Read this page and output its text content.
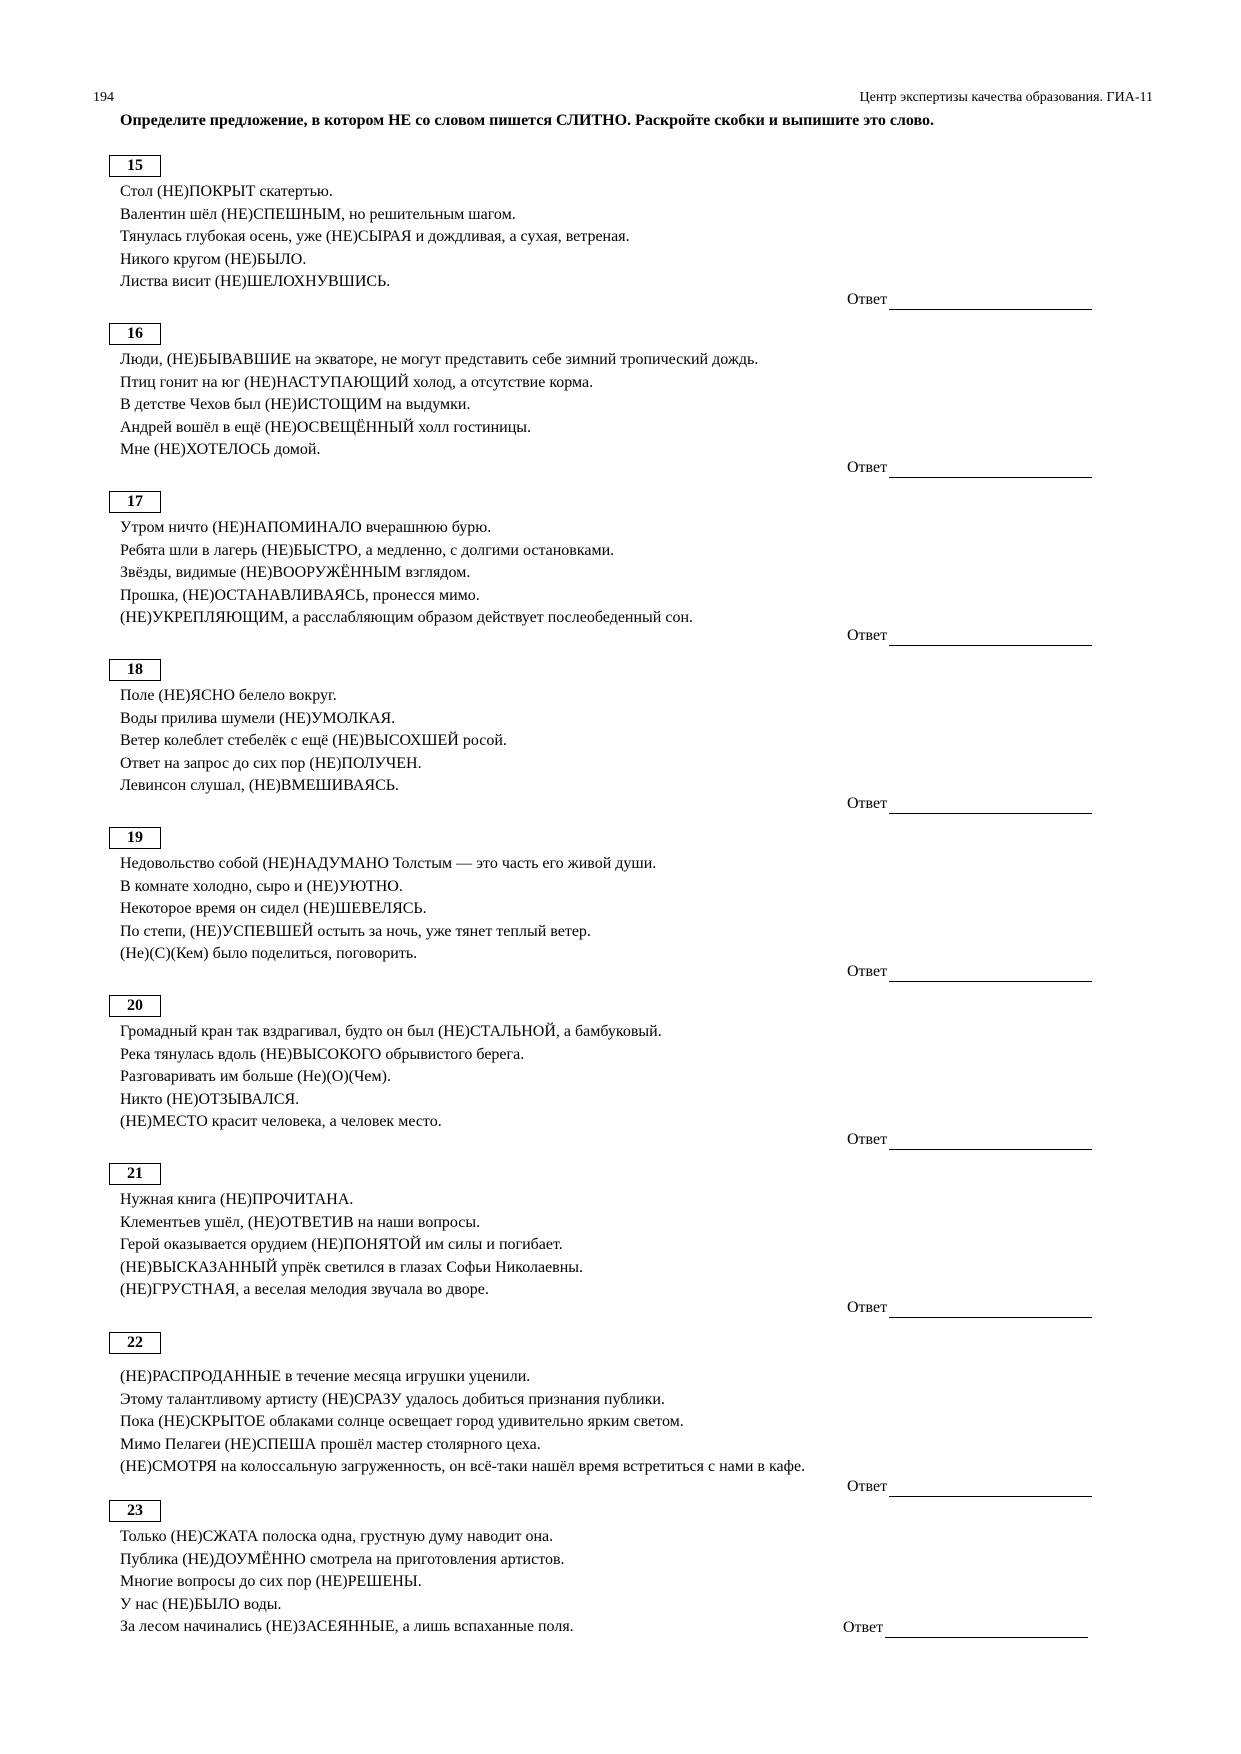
194	Центр экспертизы качества образования. ГИА-11
Определите предложение, в котором НЕ со словом пишется СЛИТНО. Раскройте скобки и выпишите это слово.
15
Стол (НЕ)ПОКРЫТ скатертью.
Валентин шёл (НЕ)СПЕШНЫМ, но решительным шагом.
Тянулась глубокая осень, уже (НЕ)СЫРАЯ и дождливая, а сухая, ветреная.
Никого кругом (НЕ)БЫЛО.
Листва висит (НЕ)ШЕЛОХНУВШИСЬ.
Ответ
16
Люди, (НЕ)БЫВАВШИЕ на экваторе, не могут представить себе зимний тропический дождь.
Птиц гонит на юг (НЕ)НАСТУПАЮЩИЙ холод, а отсутствие корма.
В детстве Чехов был (НЕ)ИСТОЩИМ на выдумки.
Андрей вошёл в ещё (НЕ)ОСВЕЩЁННЫЙ холл гостиницы.
Мне (НЕ)ХОТЕЛОСЬ домой.
Ответ
17
Утром ничто (НЕ)НАПОМИНАЛО вчерашнюю бурю.
Ребята шли в лагерь (НЕ)БЫСТРО, а медленно, с долгими остановками.
Звёзды, видимые (НЕ)ВООРУЖЁННЫМ взглядом.
Прошка, (НЕ)ОСТАНАВЛИВАЯСЬ, пронесся мимо.
(НЕ)УКРЕПЛЯЮЩИМ, а расслабляющим образом действует послеобеденный сон.
Ответ
18
Поле (НЕ)ЯСНО белело вокруг.
Воды прилива шумели (НЕ)УМОЛКАЯ.
Ветер колеблет стебелёк с ещё (НЕ)ВЫСОХШЕЙ росой.
Ответ на запрос до сих пор (НЕ)ПОЛУЧЕН.
Левинсон слушал, (НЕ)ВМЕШИВАЯСЬ.
Ответ
19
Недовольство собой (НЕ)НАДУМАНО Толстым — это часть его живой души.
В комнате холодно, сыро и (НЕ)УЮТНО.
Некоторое время он сидел (НЕ)ШЕВЕЛЯСЬ.
По степи, (НЕ)УСПЕВШЕЙ остыть за ночь, уже тянет теплый ветер.
(Не)(С)(Кем) было поделиться, поговорить.
Ответ
20
Громадный кран так вздрагивал, будто он был (НЕ)СТАЛЬНОЙ, а бамбуковый.
Река тянулась вдоль (НЕ)ВЫСОКОГО обрывистого берега.
Разговаривать им больше (Не)(О)(Чем).
Никто (НЕ)ОТЗЫВАЛСЯ.
(НЕ)МЕСТО красит человека, а человек место.
Ответ
21
Нужная книга (НЕ)ПРОЧИТАНА.
Клементьев ушёл, (НЕ)ОТВЕТИВ на наши вопросы.
Герой оказывается орудием (НЕ)ПОНЯТОЙ им силы и погибает.
(НЕ)ВЫСКАЗАННЫЙ упрёк светился в глазах Софьи Николаевны.
(НЕ)ГРУСТНАЯ, а веселая мелодия звучала во дворе.
Ответ
22
(НЕ)РАСПРОДАННЫЕ в течение месяца игрушки уценили.
Этому талантливому артисту (НЕ)СРАЗУ удалось добиться признания публики.
Пока (НЕ)СКРЫТОЕ облаками солнце освещает город удивительно ярким светом.
Мимо Пелагеи (НЕ)СПЕША прошёл мастер столярного цеха.
(НЕ)СМОТРЯ на колоссальную загруженность, он всё-таки нашёл время встретиться с нами в кафе.
Ответ
23
Только (НЕ)СЖАТА полоска одна, грустную думу наводит она.
Публика (НЕ)ДОУМЁННО смотрела на приготовления артистов.
Многие вопросы до сих пор (НЕ)РЕШЕНЫ.
У нас (НЕ)БЫЛО воды.
За лесом начинались (НЕ)ЗАСЕЯННЫЕ, а лишь вспаханные поля.	Ответ
